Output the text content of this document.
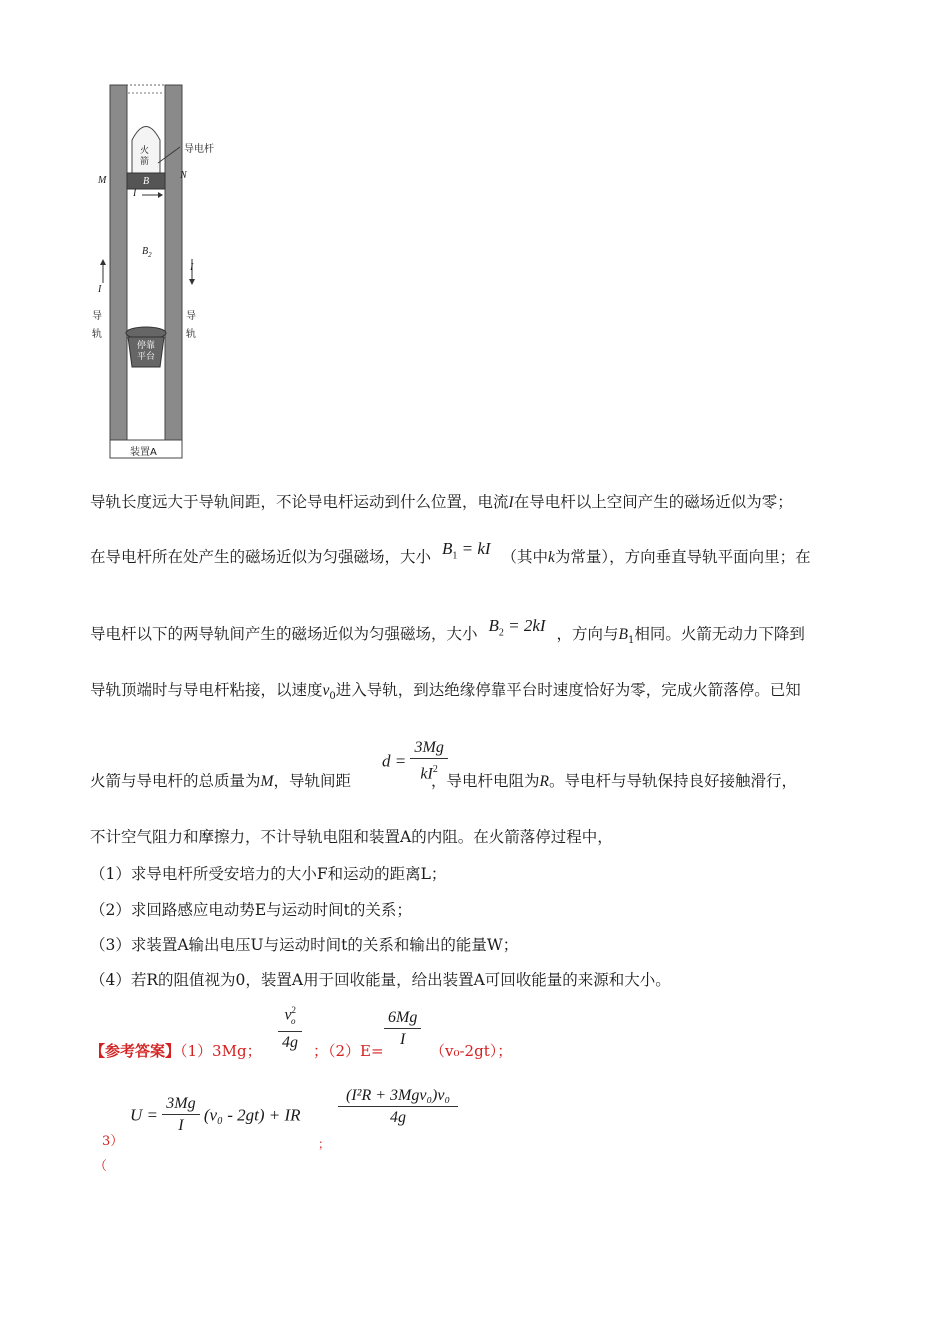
导电杆
M	N
B
I
$B_2$
I
I
导 轨
导 轨
火箭
停靠平台
装置A
导轨长度远大于导轨间距，不论导电杆运动到什么位置，电流I在导电杆以上空间产生的磁场近似为零；
在导电杆所在处产生的磁场近似为匀强磁场，大小 $B_1$ = kI （其中k为常量），方向垂直导轨平面向里；在
导电杆以下的两导轨间产生的磁场近似为匀强磁场，大小 $B_2 = 2kI$ ，方向与$B_1$相同。火箭无动力下降到
导轨顶端时与导电杆粘接，以速度$v_0$进入导轨，到达绝缘停靠平台时速度恰好为零，完成火箭落停。已知
$d = \frac{3Mg}{kI^2}$
火箭与导电杆的总质量为M，导轨间距	，导电杆电阻为R。导电杆与导轨保持良好接触滑行，
不计空气阻力和摩擦力，不计导轨电阻和装置A的内阻。在火箭落停过程中，
（1）求导电杆所受安培力的大小F和运动的距离L；
（2）求回路感应电动势E与运动时间t的关系；
（3）求装置A输出电压U与运动时间t的关系和输出的能量W；
（4）若R的阻值视为0，装置A用于回收能量，给出装置A可回收能量的来源和大小。
【参考答案】（1）3Mg； $\frac{v^2_o}{4g}$ ；$(2)E= \frac{6Mg}{I} (v_0-2gt)$；
3）
（
$U = \frac{3Mg}{I} (v_0 - 2gt)$ + IR
；
$\frac{\text{(I²R + 3Mgv₀)v₀}}{4g}$
